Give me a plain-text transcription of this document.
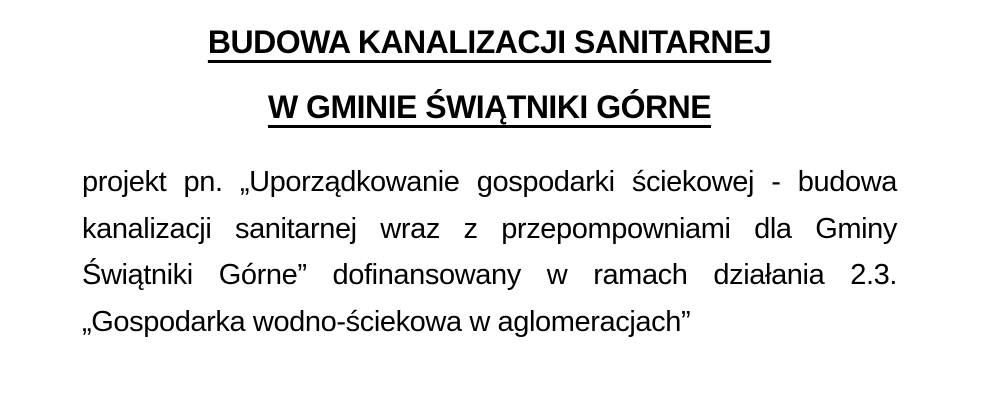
BUDOWA KANALIZACJI SANITARNEJ
W GMINIE ŚWIĄTNIKI GÓRNE
projekt pn. „Uporządkowanie gospodarki ściekowej - budowa
kanalizacji sanitarnej wraz z przepompowniami dla Gminy
Świątniki Górne” dofinansowany w ramach działania 2.3.
„Gospodarka wodno-ściekowa w aglomeracjach”
